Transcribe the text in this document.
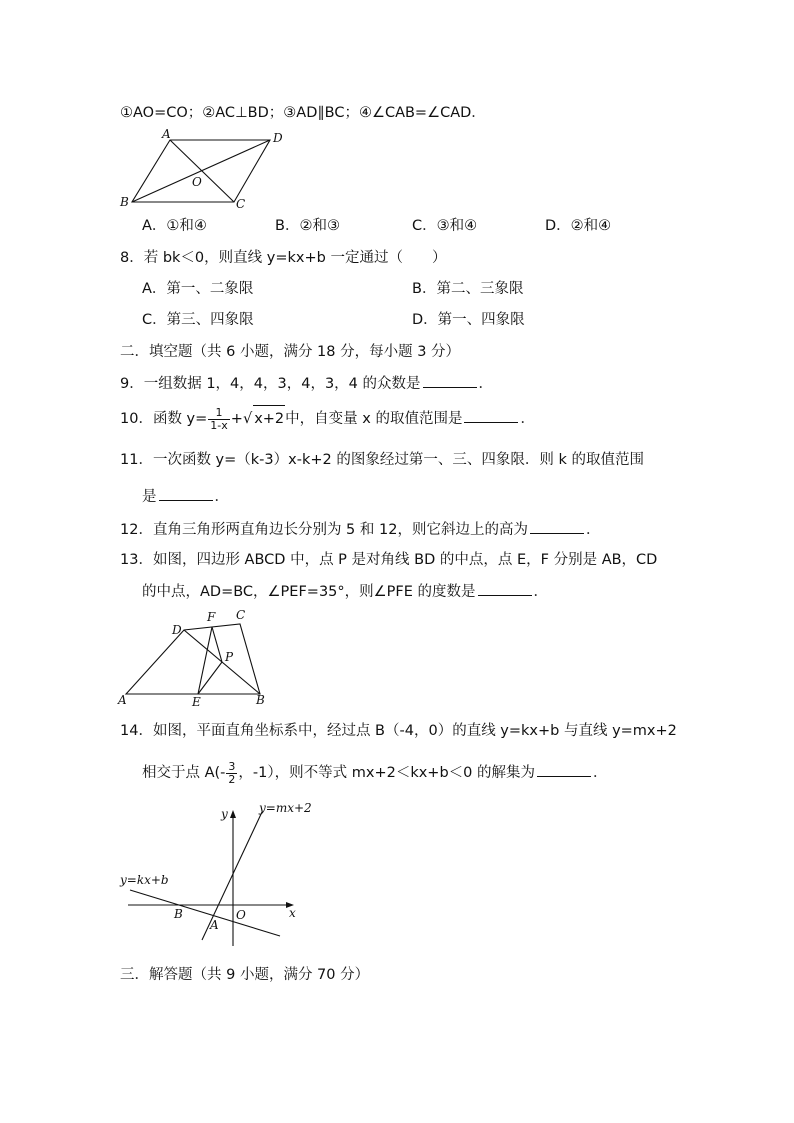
①AO=CO；②AC⊥BD；③AD∥BC；④∠CAB=∠CAD．
A	D
B	C
O
A．①和④	B．②和③	C．③和④	D．②和④
8．若 bk＜0，则直线 y=kx+b 一定通过（　　）
A．第一、二象限	B．第二、三象限
C．第三、四象限	D．第一、四象限
二．填空题（共 6 小题，满分 18 分，每小题 3 分）
9．一组数据 1，4，4，3，4，3，4 的众数是	．
10．函数 $y= \frac{1}{1-x}$ +√ x+2中，自变量 x 的取值范围是	．
11．一次函数 y=（k-3）x-k+2 的图象经过第一、三、四象限．则 k 的取值范围
是	．
12．直角三角形两直角边长分别为 5 和 12，则它斜边上的高为	．
13．如图，四边形 ABCD 中，点 P 是对角线 BD 的中点，点 E，F 分别是 AB，CD
的中点，AD=BC，∠PEF=35°，则∠PFE 的度数是	．
D
F C
P
A	E	B
14．如图，平面直角坐标系中，经过点 B（-4，0）的直线 y=kx+b 与直线 y=mx+2
相交于点 $A(- \frac{3}{2}$ ，-1），则不等式 mx+2＜kx+b＜0 的解集为	．
y
x
y=mx+2
y=kx+b
B	O
A
三．解答题（共 9 小题，满分 70 分）
